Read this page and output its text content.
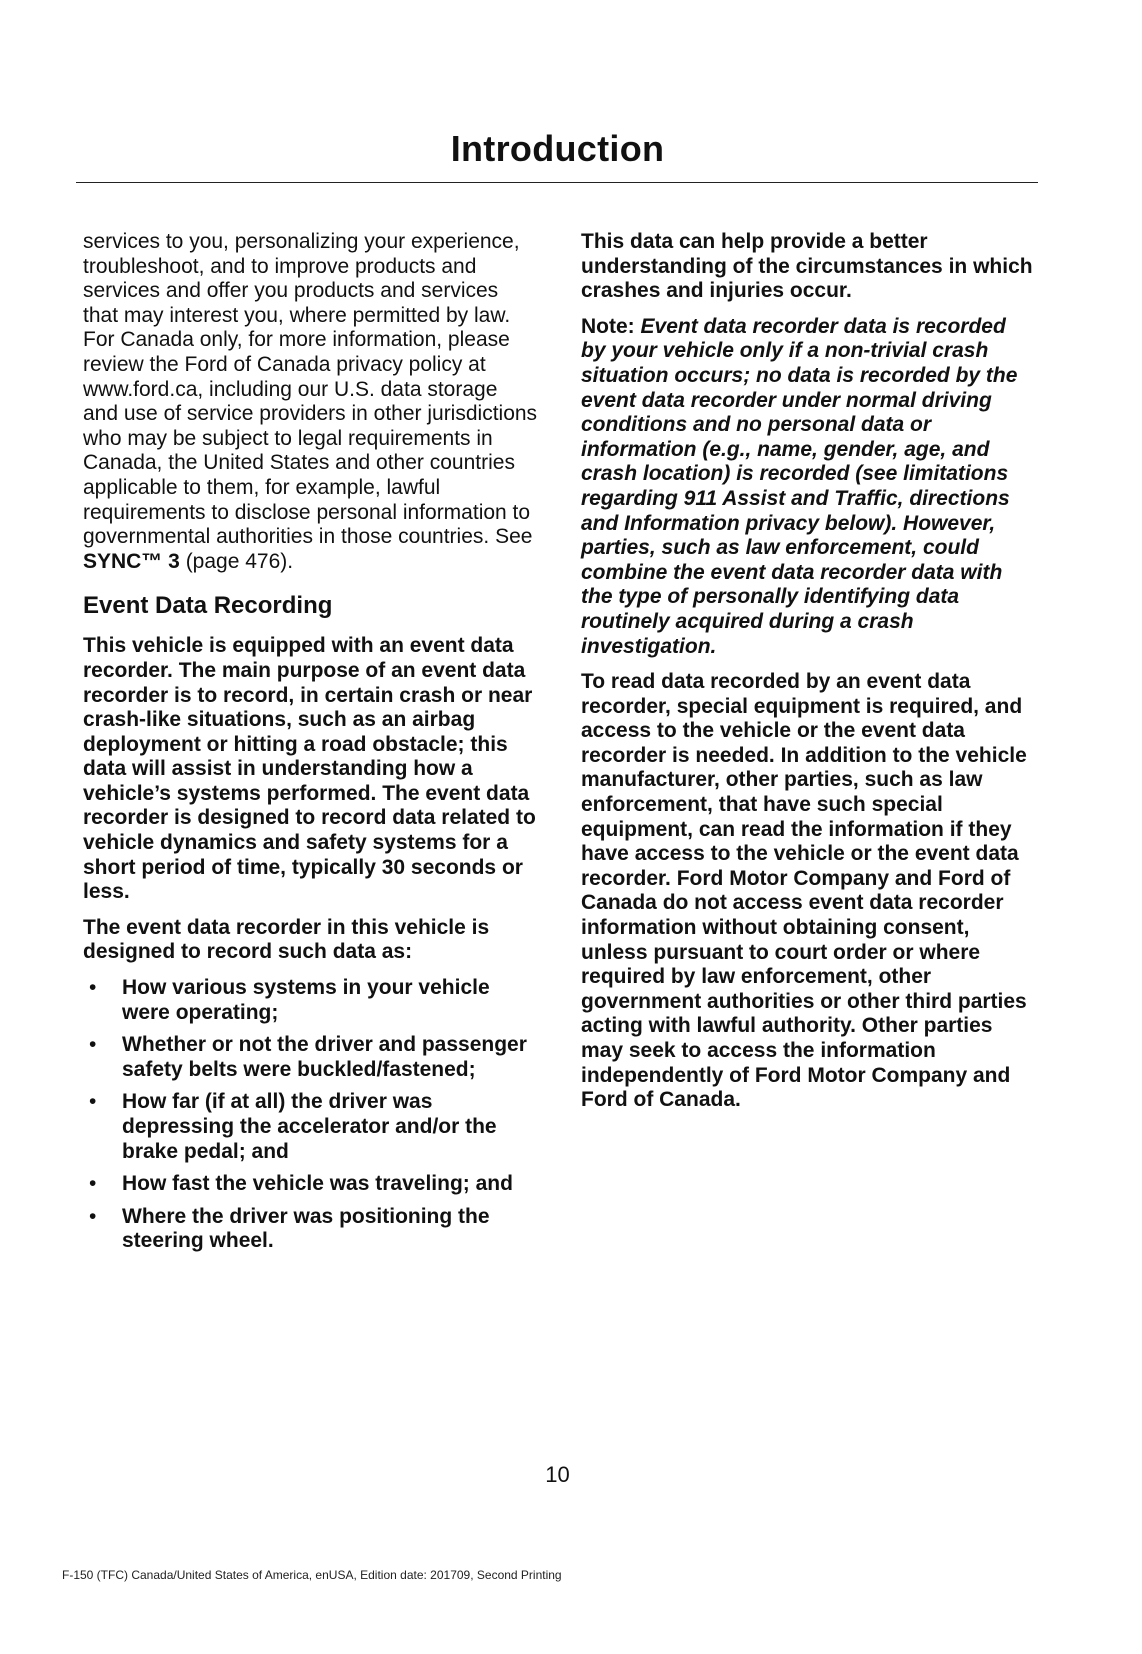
Introduction

services to you, personalizing your experience, troubleshoot, and to improve products and services and offer you products and services that may interest you, where permitted by law. For Canada only, for more information, please review the Ford of Canada privacy policy at www.ford.ca, including our U.S. data storage and use of service providers in other jurisdictions who may be subject to legal requirements in Canada, the United States and other countries applicable to them, for example, lawful requirements to disclose personal information to governmental authorities in those countries. See SYNC™ 3 (page 476).

Event Data Recording

This vehicle is equipped with an event data recorder. The main purpose of an event data recorder is to record, in certain crash or near crash-like situations, such as an airbag deployment or hitting a road obstacle; this data will assist in understanding how a vehicle’s systems performed. The event data recorder is designed to record data related to vehicle dynamics and safety systems for a short period of time, typically 30 seconds or less.

The event data recorder in this vehicle is designed to record such data as:

• How various systems in your vehicle were operating;
• Whether or not the driver and passenger safety belts were buckled/fastened;
• How far (if at all) the driver was depressing the accelerator and/or the brake pedal; and
• How fast the vehicle was traveling; and
• Where the driver was positioning the steering wheel.

This data can help provide a better understanding of the circumstances in which crashes and injuries occur.

Note: Event data recorder data is recorded by your vehicle only if a non-trivial crash situation occurs; no data is recorded by the event data recorder under normal driving conditions and no personal data or information (e.g., name, gender, age, and crash location) is recorded (see limitations regarding 911 Assist and Traffic, directions and Information privacy below). However, parties, such as law enforcement, could combine the event data recorder data with the type of personally identifying data routinely acquired during a crash investigation.

To read data recorded by an event data recorder, special equipment is required, and access to the vehicle or the event data recorder is needed. In addition to the vehicle manufacturer, other parties, such as law enforcement, that have such special equipment, can read the information if they have access to the vehicle or the event data recorder. Ford Motor Company and Ford of Canada do not access event data recorder information without obtaining consent, unless pursuant to court order or where required by law enforcement, other government authorities or other third parties acting with lawful authority. Other parties may seek to access the information independently of Ford Motor Company and Ford of Canada.

10
F-150 (TFC) Canada/United States of America, enUSA, Edition date: 201709, Second Printing
